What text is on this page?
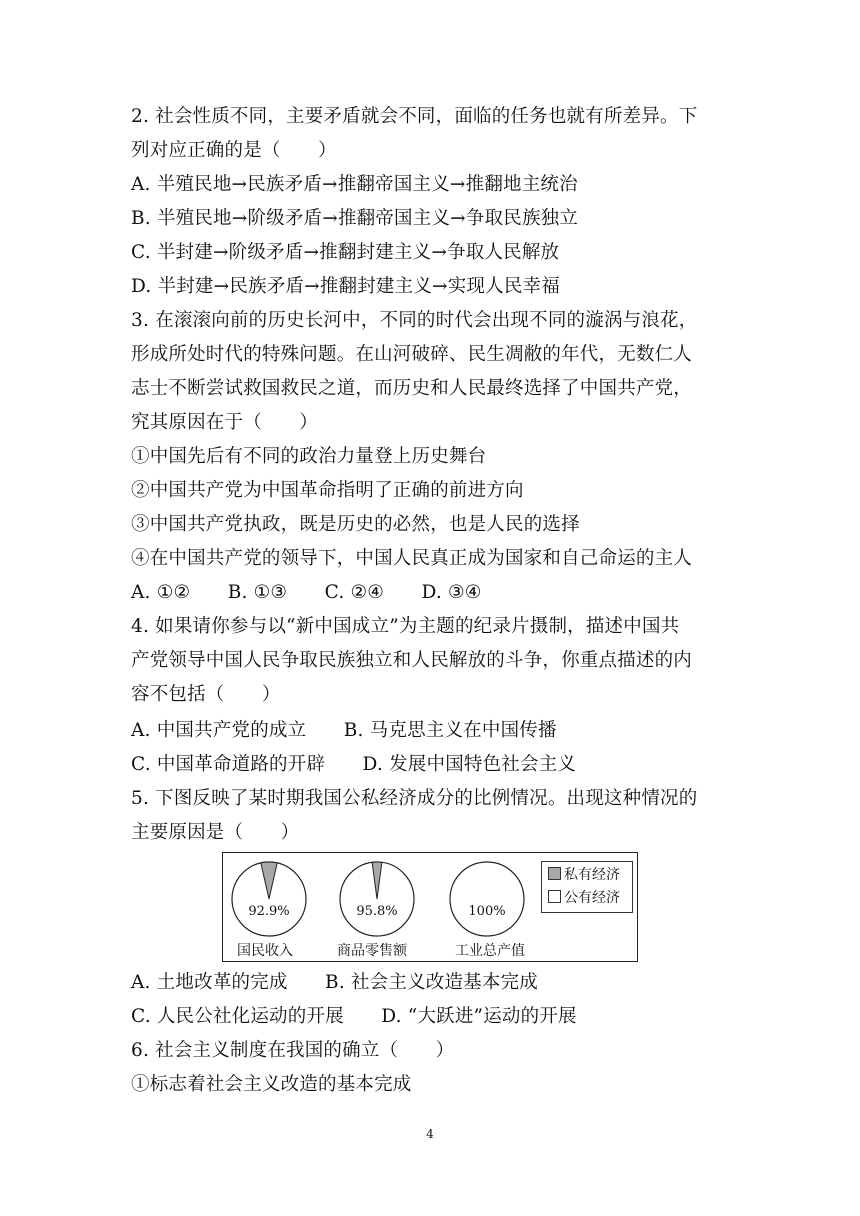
2. 社会性质不同，主要矛盾就会不同，面临的任务也就有所差异。下
列对应正确的是（　　）
A. 半殖民地→民族矛盾→推翻帝国主义→推翻地主统治
B. 半殖民地→阶级矛盾→推翻帝国主义→争取民族独立
C. 半封建→阶级矛盾→推翻封建主义→争取人民解放
D. 半封建→民族矛盾→推翻封建主义→实现人民幸福
3. 在滚滚向前的历史长河中，不同的时代会出现不同的漩涡与浪花，
形成所处时代的特殊问题。在山河破碎、民生凋敝的年代，无数仁人
志士不断尝试救国救民之道，而历史和人民最终选择了中国共产党，
究其原因在于（　　）
①中国先后有不同的政治力量登上历史舞台
②中国共产党为中国革命指明了正确的前进方向
③中国共产党执政，既是历史的必然，也是人民的选择
④在中国共产党的领导下，中国人民真正成为国家和自己命运的主人
A. ①②　　B. ①③　　C. ②④　　D. ③④
4. 如果请你参与以“新中国成立”为主题的纪录片摄制，描述中国共
产党领导中国人民争取民族独立和人民解放的斗争，你重点描述的内
容不包括（　　）
A. 中国共产党的成立　　B. 马克思主义在中国传播
C. 中国革命道路的开辟　　D. 发展中国特色社会主义
5. 下图反映了某时期我国公私经济成分的比例情况。出现这种情况的
主要原因是（　　）
92.9%	95.8%	100%
国民收入	商品零售额	工业总产值
私有经济
公有经济
A. 土地改革的完成　　B. 社会主义改造基本完成
C. 人民公社化运动的开展　　D. “大跃进”运动的开展
6. 社会主义制度在我国的确立（　　）
①标志着社会主义改造的基本完成
4
